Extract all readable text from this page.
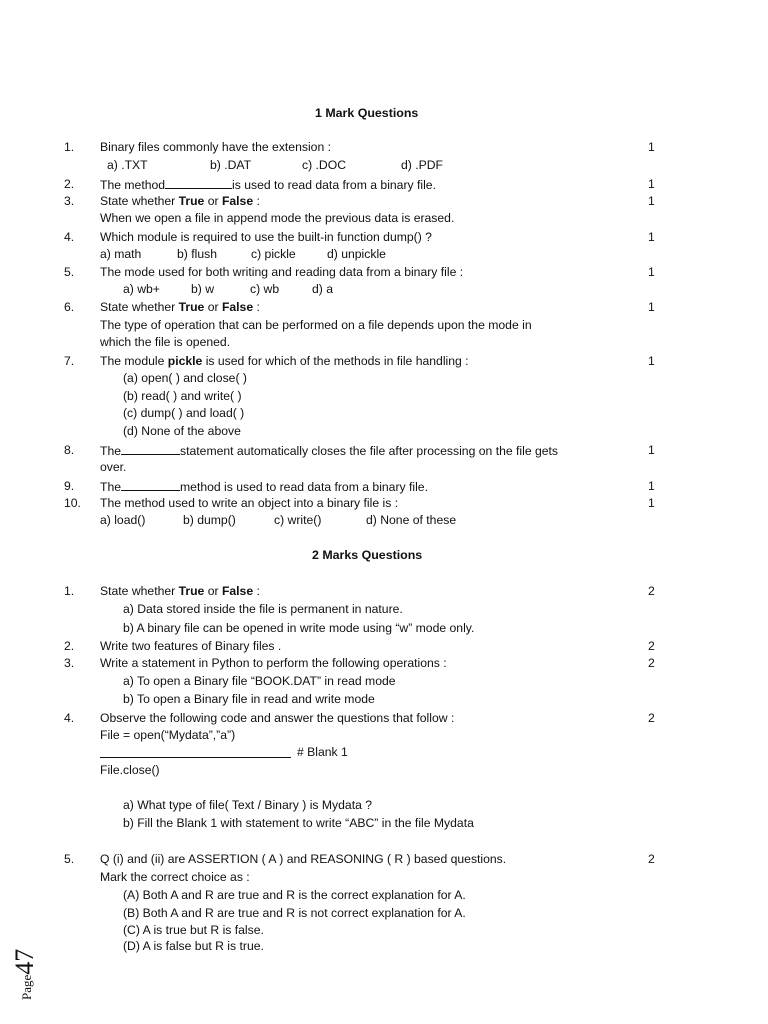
1 Mark Questions
1. Binary files commonly have the extension :	1
a) .TXT	b) .DAT	c) .DOC	d) .PDF
2. The method	is used to read data from a binary file.	1
3. State whether True or False :	1
When we open a file in append mode the previous data is erased.
4. Which module is required to use the built-in function dump() ?	1
a) math	b) flush	c) pickle	d) unpickle
5. The mode used for both writing and reading data from a binary file :	1
a) wb+	b) w	c) wb	d) a
6. State whether True or False :	1
The type of operation that can be performed on a file depends upon the mode in
which the file is opened.
7. The module pickle is used for which of the methods in file handling :	1
(a) open( ) and close( )
(b) read( ) and write( )
(c) dump( ) and load( )
(d) None of the above
8. The	statement automatically closes the file after processing on the file gets	1
over.
9. The	method is used to read data from a binary file.	1
10. The method used to write an object into a binary file is :	1
a) load()	b) dump()	c) write()	d) None of these
2 Marks Questions
1. State whether True or False :	2
a) Data stored inside the file is permanent in nature.
b) A binary file can be opened in write mode using “w” mode only.
2. Write two features of Binary files .	2
3. Write a statement in Python to perform the following operations :	2
a) To open a Binary file “BOOK.DAT” in read mode
b) To open a Binary file in read and write mode
4. Observe the following code and answer the questions that follow :	2
File = open(“Mydata”,”a”)
# Blank 1
File.close()
a) What type of file( Text / Binary ) is Mydata ?
b) Fill the Blank 1 with statement to write “ABC” in the file Mydata
5. Q (i) and (ii) are ASSERTION ( A ) and REASONING ( R ) based questions.	2
Mark the correct choice as :
(A) Both A and R are true and R is the correct explanation for A.
(B) Both A and R are true and R is not correct explanation for A.
(C) A is true but R is false.
(D) A is false but R is true.
Page47
